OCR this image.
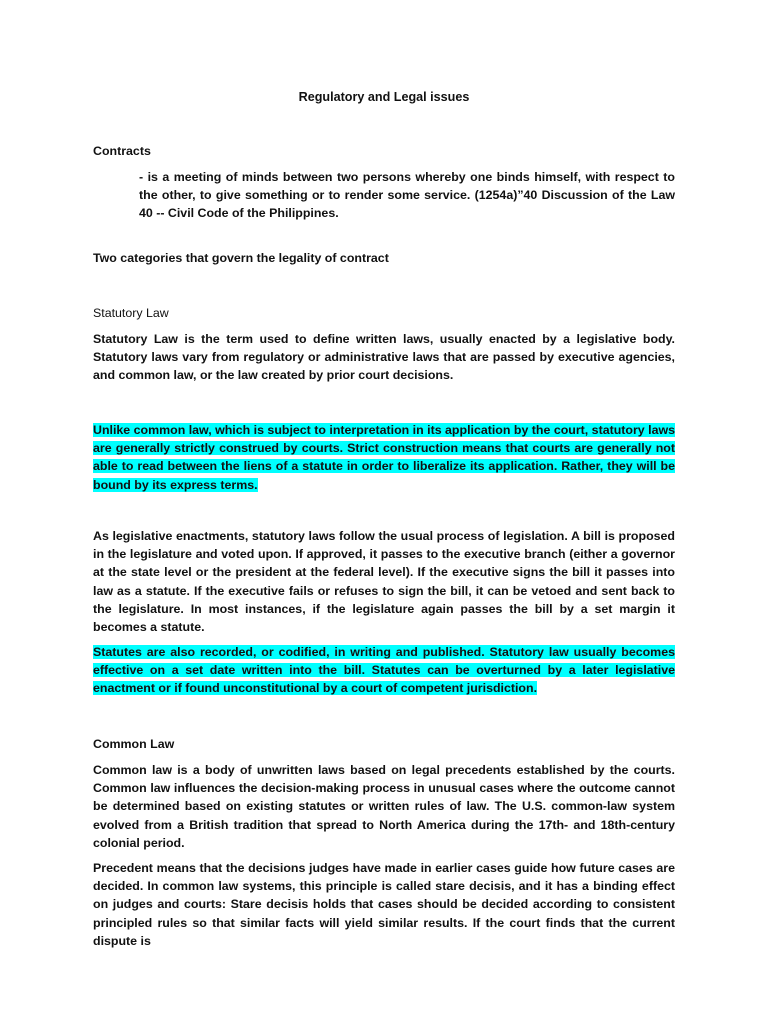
Regulatory and Legal issues
Contracts
- is a meeting of minds between two persons whereby one binds himself, with respect to the other, to give something or to render some service. (1254a)”40 Discussion of the Law 40 -- Civil Code of the Philippines.
Two categories that govern the legality of contract
Statutory Law
Statutory Law is the term used to define written laws, usually enacted by a legislative body. Statutory laws vary from regulatory or administrative laws that are passed by executive agencies, and common law, or the law created by prior court decisions.
Unlike common law, which is subject to interpretation in its application by the court, statutory laws are generally strictly construed by courts. Strict construction means that courts are generally not able to read between the liens of a statute in order to liberalize its application. Rather, they will be bound by its express terms.
As legislative enactments, statutory laws follow the usual process of legislation. A bill is proposed in the legislature and voted upon. If approved, it passes to the executive branch (either a governor at the state level or the president at the federal level). If the executive signs the bill it passes into law as a statute. If the executive fails or refuses to sign the bill, it can be vetoed and sent back to the legislature. In most instances, if the legislature again passes the bill by a set margin it becomes a statute.
Statutes are also recorded, or codified, in writing and published. Statutory law usually becomes effective on a set date written into the bill. Statutes can be overturned by a later legislative enactment or if found unconstitutional by a court of competent jurisdiction.
Common Law
Common law is a body of unwritten laws based on legal precedents established by the courts. Common law influences the decision-making process in unusual cases where the outcome cannot be determined based on existing statutes or written rules of law. The U.S. common-law system evolved from a British tradition that spread to North America during the 17th- and 18th-century colonial period.
Precedent means that the decisions judges have made in earlier cases guide how future cases are decided. In common law systems, this principle is called stare decisis, and it has a binding effect on judges and courts: Stare decisis holds that cases should be decided according to consistent principled rules so that similar facts will yield similar results. If the court finds that the current dispute is
